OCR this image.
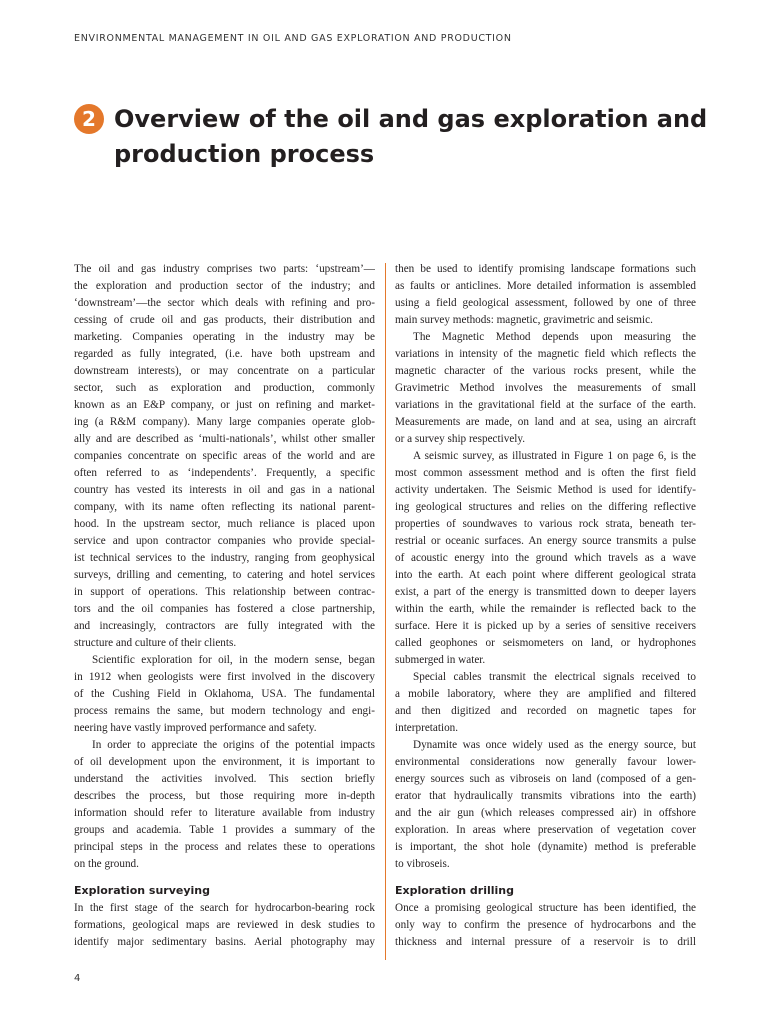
ENVIRONMENTAL MANAGEMENT IN OIL AND GAS EXPLORATION AND PRODUCTION
2 Overview of the oil and gas exploration and production process
The oil and gas industry comprises two parts: ‘upstream’—
the exploration and production sector of the industry; and
‘downstream’—the sector which deals with refining and pro-
cessing of crude oil and gas products, their distribution and
marketing. Companies operating in the industry may be
regarded as fully integrated, (i.e. have both upstream and
downstream interests), or may concentrate on a particular
sector, such as exploration and production, commonly
known as an E&P company, or just on refining and market-
ing (a R&M company). Many large companies operate glob-
ally and are described as ‘multi-nationals’, whilst other smaller
companies concentrate on specific areas of the world and are
often referred to as ‘independents’. Frequently, a specific
country has vested its interests in oil and gas in a national
company, with its name often reflecting its national parent-
hood. In the upstream sector, much reliance is placed upon
service and upon contractor companies who provide special-
ist technical services to the industry, ranging from geophysical
surveys, drilling and cementing, to catering and hotel services
in support of operations. This relationship between contrac-
tors and the oil companies has fostered a close partnership,
and increasingly, contractors are fully integrated with the
structure and culture of their clients.
Scientific exploration for oil, in the modern sense, began
in 1912 when geologists were first involved in the discovery
of the Cushing Field in Oklahoma, USA. The fundamental
process remains the same, but modern technology and engi-
neering have vastly improved performance and safety.
In order to appreciate the origins of the potential impacts
of oil development upon the environment, it is important to
understand the activities involved. This section briefly
describes the process, but those requiring more in-depth
information should refer to literature available from industry
groups and academia. Table 1 provides a summary of the
principal steps in the process and relates these to operations
on the ground.
Exploration surveying
In the first stage of the search for hydrocarbon-bearing rock
formations, geological maps are reviewed in desk studies to
identify major sedimentary basins. Aerial photography may
then be used to identify promising landscape formations such
as faults or anticlines. More detailed information is assembled
using a field geological assessment, followed by one of three
main survey methods: magnetic, gravimetric and seismic.
The Magnetic Method depends upon measuring the
variations in intensity of the magnetic field which reflects the
magnetic character of the various rocks present, while the
Gravimetric Method involves the measurements of small
variations in the gravitational field at the surface of the earth.
Measurements are made, on land and at sea, using an aircraft
or a survey ship respectively.
A seismic survey, as illustrated in Figure 1 on page 6, is the
most common assessment method and is often the first field
activity undertaken. The Seismic Method is used for identify-
ing geological structures and relies on the differing reflective
properties of soundwaves to various rock strata, beneath ter-
restrial or oceanic surfaces. An energy source transmits a pulse
of acoustic energy into the ground which travels as a wave
into the earth. At each point where different geological strata
exist, a part of the energy is transmitted down to deeper layers
within the earth, while the remainder is reflected back to the
surface. Here it is picked up by a series of sensitive receivers
called geophones or seismometers on land, or hydrophones
submerged in water.
Special cables transmit the electrical signals received to
a mobile laboratory, where they are amplified and filtered
and then digitized and recorded on magnetic tapes for
interpretation.
Dynamite was once widely used as the energy source, but
environmental considerations now generally favour lower-
energy sources such as vibroseis on land (composed of a gen-
erator that hydraulically transmits vibrations into the earth)
and the air gun (which releases compressed air) in offshore
exploration. In areas where preservation of vegetation cover
is important, the shot hole (dynamite) method is preferable
to vibroseis.
Exploration drilling
Once a promising geological structure has been identified, the
only way to confirm the presence of hydrocarbons and the
thickness and internal pressure of a reservoir is to drill
4
